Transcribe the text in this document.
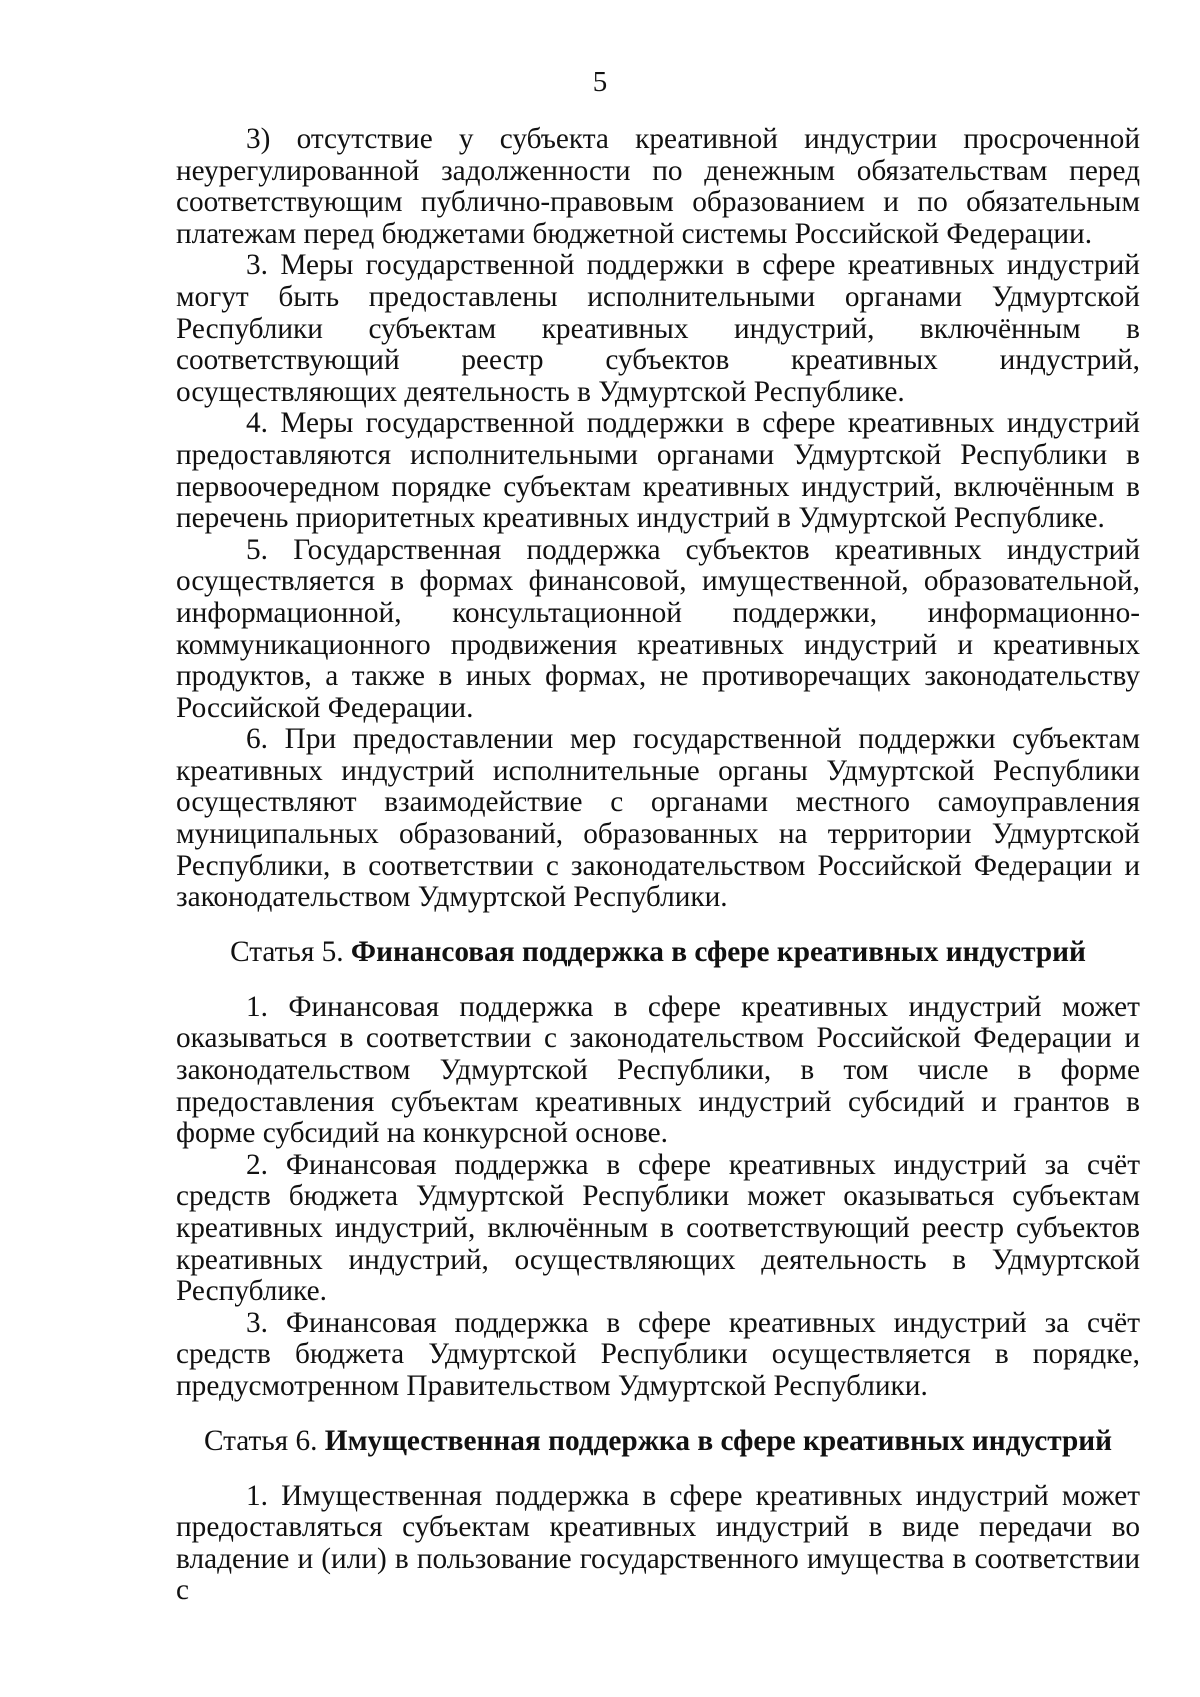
5

3) отсутствие у субъекта креативной индустрии просроченной неурегулированной задолженности по денежным обязательствам перед соответствующим публично-правовым образованием и по обязательным платежам перед бюджетами бюджетной системы Российской Федерации.

3. Меры государственной поддержки в сфере креативных индустрий могут быть предоставлены исполнительными органами Удмуртской Республики субъектам креативных индустрий, включённым в соответствующий реестр субъектов креативных индустрий, осуществляющих деятельность в Удмуртской Республике.

4. Меры государственной поддержки в сфере креативных индустрий предоставляются исполнительными органами Удмуртской Республики в первоочередном порядке субъектам креативных индустрий, включённым в перечень приоритетных креативных индустрий в Удмуртской Республике.

5. Государственная поддержка субъектов креативных индустрий осуществляется в формах финансовой, имущественной, образовательной, информационной, консультационной поддержки, информационно-коммуникационного продвижения креативных индустрий и креативных продуктов, а также в иных формах, не противоречащих законодательству Российской Федерации.

6. При предоставлении мер государственной поддержки субъектам креативных индустрий исполнительные органы Удмуртской Республики осуществляют взаимодействие с органами местного самоуправления муниципальных образований, образованных на территории Удмуртской Республики, в соответствии с законодательством Российской Федерации и законодательством Удмуртской Республики.

Статья 5. Финансовая поддержка в сфере креативных индустрий

1. Финансовая поддержка в сфере креативных индустрий может оказываться в соответствии с законодательством Российской Федерации и законодательством Удмуртской Республики, в том числе в форме предоставления субъектам креативных индустрий субсидий и грантов в форме субсидий на конкурсной основе.

2. Финансовая поддержка в сфере креативных индустрий за счёт средств бюджета Удмуртской Республики может оказываться субъектам креативных индустрий, включённым в соответствующий реестр субъектов креативных индустрий, осуществляющих деятельность в Удмуртской Республике.

3. Финансовая поддержка в сфере креативных индустрий за счёт средств бюджета Удмуртской Республики осуществляется в порядке, предусмотренном Правительством Удмуртской Республики.

Статья 6. Имущественная поддержка в сфере креативных индустрий

1. Имущественная поддержка в сфере креативных индустрий может предоставляться субъектам креативных индустрий в виде передачи во владение и (или) в пользование государственного имущества в соответствии с
